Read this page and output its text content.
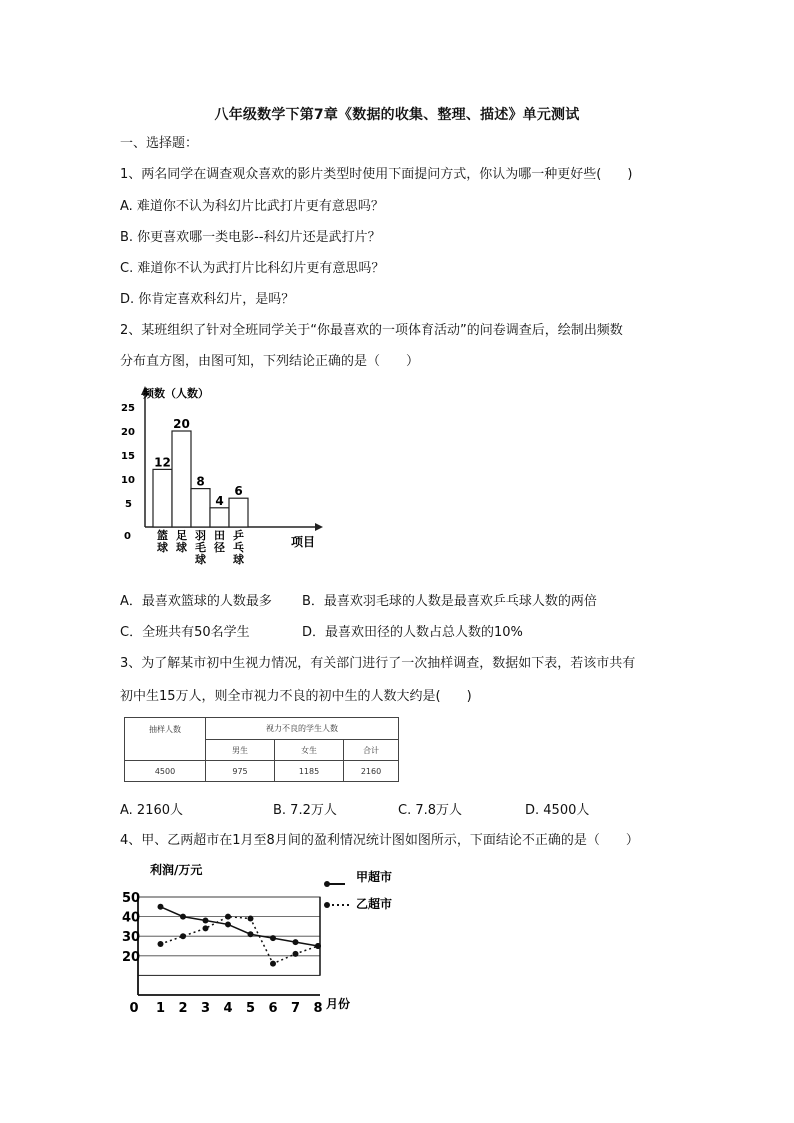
八年级数学下第7章《数据的收集、整理、描述》单元测试
一、选择题：
1、两名同学在调查观众喜欢的影片类型时使用下面提问方式，你认为哪一种更好些(　　)
A. 难道你不认为科幻片比武打片更有意思吗？
B. 你更喜欢哪一类电影--科幻片还是武打片？
C. 难道你不认为武打片比科幻片更有意思吗？
D. 你肯定喜欢科幻片，是吗？
2、某班组织了针对全班同学关于“你最喜欢的一项体育活动”的问卷调查后，绘制出频数
分布直方图，由图可知，下列结论正确的是（　　）
0
5
10
15
20
25
12
篮球
20
足球
8
羽毛球
4
田径
6
乒乓球
频数（人数）
项目
A．最喜欢篮球的人数最多 B．最喜欢羽毛球的人数是最喜欢乒乓球人数的两倍
C．全班共有50名学生	D．最喜欢田径的人数占总人数的10%
3、为了解某市初中生视力情况，有关部门进行了一次抽样调查，数据如下表，若该市共有
初中生15万人，则全市视力不良的初中生的人数大约是(　　)
抽样人数	视力不良的学生人数		
	男生	女生	合计
4500	975	1185	2160
A. 2160人	B. 7.2万人	C. 7.8万人	D. 4500人
4、甲、乙两超市在1月至8月间的盈利情况统计图如图所示，下面结论不正确的是（　　）
20
30
40
50
0 1 2 3 4 5 6 7 8
利润/万元
月份
甲超市
乙超市
